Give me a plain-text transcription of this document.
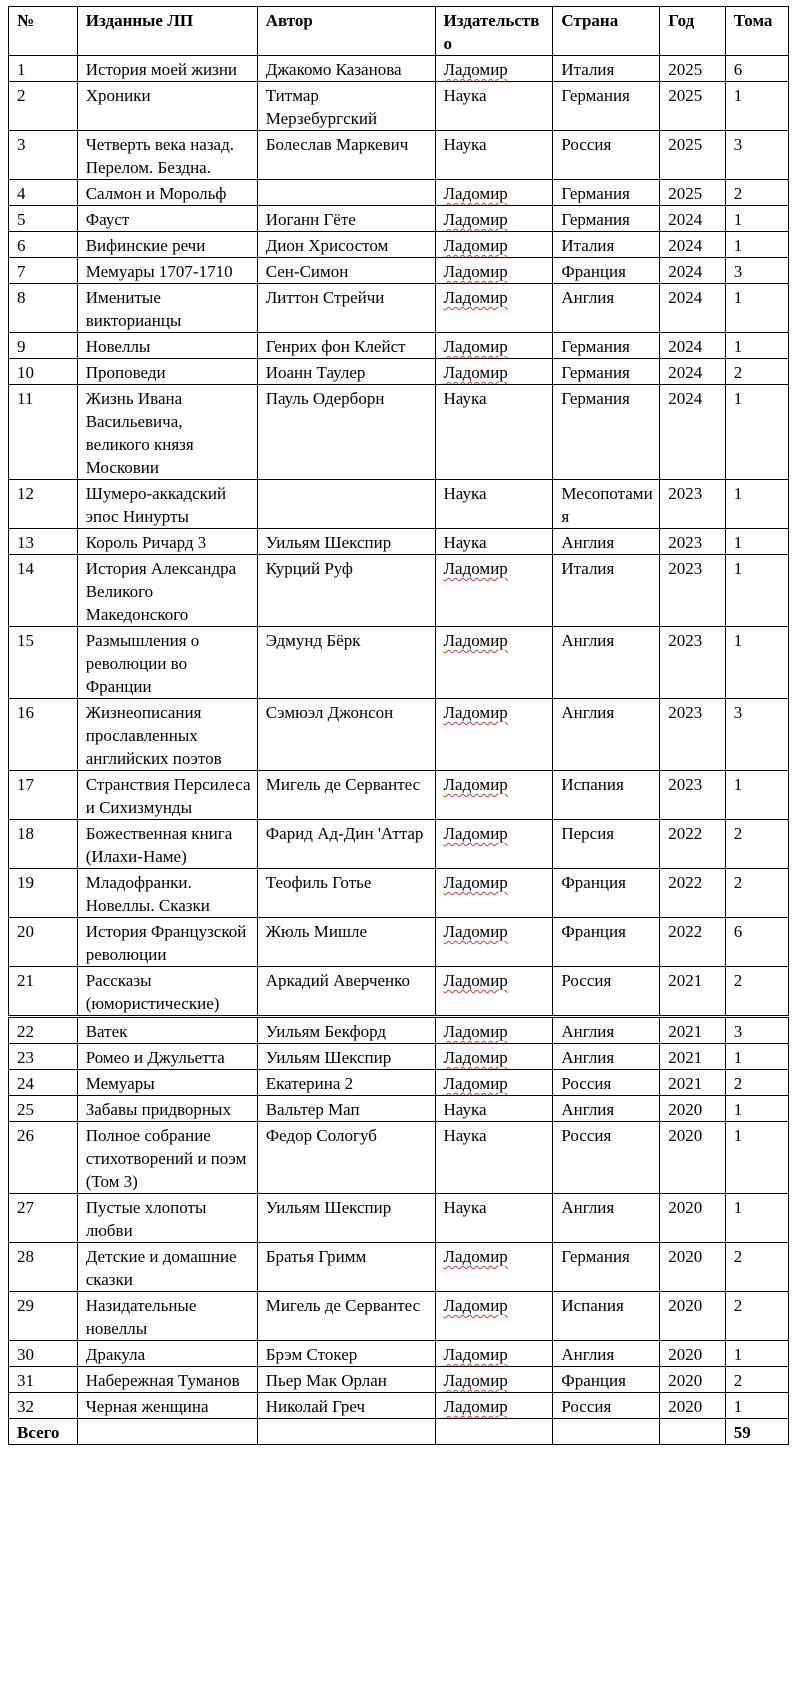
№	Изданные ЛП	Автор	Издательство	Страна	Год	Тома
1	История моей жизни	Джакомо Казанова	Ладомир	Италия	2025	6
2	Хроники	Титмар Мерзебургский	Наука	Германия	2025	1
3	Четверть века назад. Перелом. Бездна.	Болеслав Маркевич	Наука	Россия	2025	3
4	Салмон и Морольф		Ладомир	Германия	2025	2
5	Фауст	Иоганн Гёте	Ладомир	Германия	2024	1
6	Вифинские речи	Дион Хрисостом	Ладомир	Италия	2024	1
7	Мемуары 1707-1710	Сен-Симон	Ладомир	Франция	2024	3
8	Именитые викторианцы	Литтон Стрейчи	Ладомир	Англия	2024	1
9	Новеллы	Генрих фон Клейст	Ладомир	Германия	2024	1
10	Проповеди	Иоанн Таулер	Ладомир	Германия	2024	2
11	Жизнь Ивана Васильевича, великого князя Московии	Пауль Одерборн	Наука	Германия	2024	1
12	Шумеро-аккадский эпос Нинурты		Наука	Месопотамия	2023	1
13	Король Ричард 3	Уильям Шекспир	Наука	Англия	2023	1
14	История Александра Великого Македонского	Курций Руф	Ладомир	Италия	2023	1
15	Размышления о революции во Франции	Эдмунд Бёрк	Ладомир	Англия	2023	1
16	Жизнеописания прославленных английских поэтов	Сэмюэл Джонсон	Ладомир	Англия	2023	3
17	Странствия Персилеса и Сихизмунды	Мигель де Сервантес	Ладомир	Испания	2023	1
18	Божественная книга (Илахи-Наме)	Фарид Ад-Дин 'Аттар	Ладомир	Персия	2022	2
19	Младофранки. Новеллы. Сказки	Теофиль Готье	Ладомир	Франция	2022	2
20	История Французской революции	Жюль Мишле	Ладомир	Франция	2022	6
21	Рассказы (юмористические)	Аркадий Аверченко	Ладомир	Россия	2021	2
22	Ватек	Уильям Бекфорд	Ладомир	Англия	2021	3
23	Ромео и Джульетта	Уильям Шекспир	Ладомир	Англия	2021	1
24	Мемуары	Екатерина 2	Ладомир	Россия	2021	2
25	Забавы придворных	Вальтер Мап	Наука	Англия	2020	1
26	Полное собрание стихотворений и поэм (Том 3)	Федор Сологуб	Наука	Россия	2020	1
27	Пустые хлопоты любви	Уильям Шекспир	Наука	Англия	2020	1
28	Детские и домашние сказки	Братья Гримм	Ладомир	Германия	2020	2
29	Назидательные новеллы	Мигель де Сервантес	Ладомир	Испания	2020	2
30	Дракула	Брэм Стокер	Ладомир	Англия	2020	1
31	Набережная Туманов	Пьер Мак Орлан	Ладомир	Франция	2020	2
32	Черная женщина	Николай Греч	Ладомир	Россия	2020	1
Всего						59
